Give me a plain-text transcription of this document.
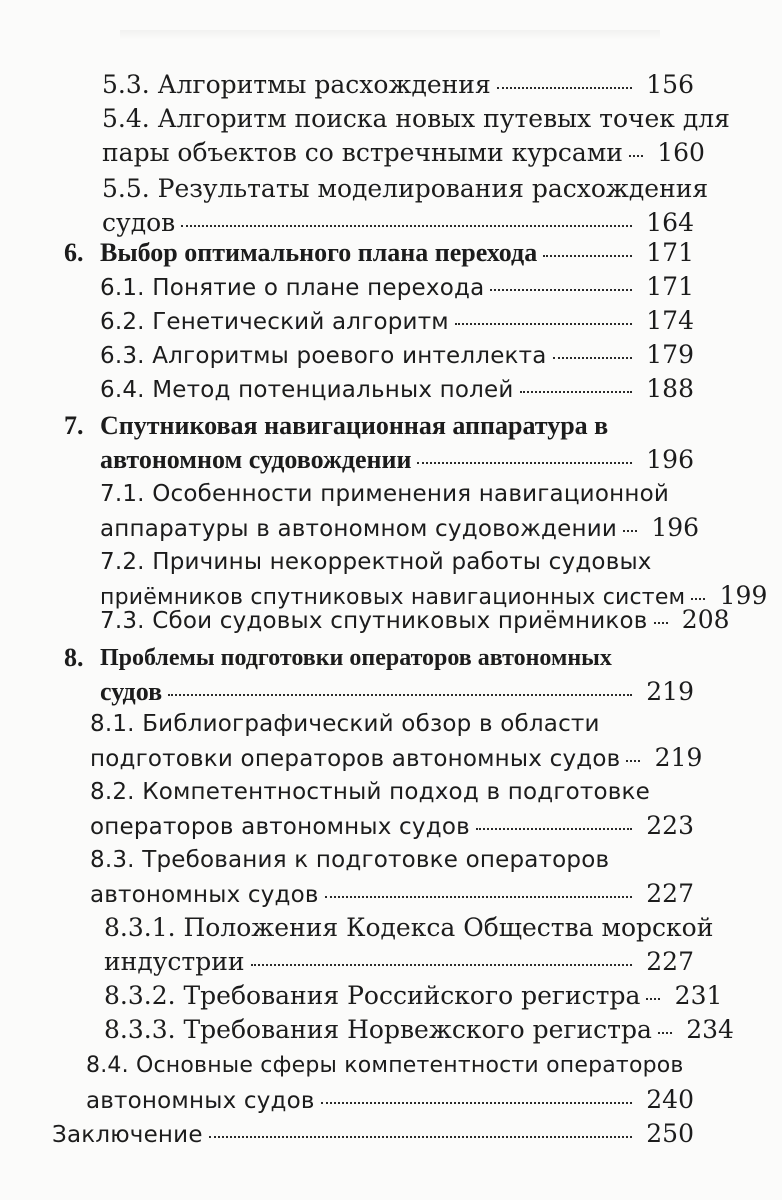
5.3. Алгоритмы расхождения	156
5.4. Алгоритм поиска новых путевых точек для
пары объектов со встречными курсами 160
5.5. Результаты моделирования расхождения
судов	164
6. Выбор оптимального плана перехода	171
6.1. Понятие о плане перехода	171
6.2. Генетический алгоритм	174
6.3. Алгоритмы роевого интеллекта	179
6.4. Метод потенциальных полей	188
7. Спутниковая навигационная аппаратура в
автономном судовождении	196
7.1. Особенности применения навигационной
аппаратуры в автономном судовождении 196
7.2. Причины некорректной работы судовых
приёмников спутниковых навигационных систем 199
7.3. Сбои судовых спутниковых приёмников 208
8. Проблемы подготовки операторов автономных
судов	219
8.1. Библиографический обзор в области
подготовки операторов автономных судов 219
8.2. Компетентностный подход в подготовке
операторов автономных судов	223
8.3. Требования к подготовке операторов
автономных судов	227
8.3.1. Положения Кодекса Общества морской
индустрии	227
8.3.2. Требования Российского регистра 231
8.3.3. Требования Норвежского регистра 234
8.4. Основные сферы компетентности операторов
автономных судов	240
Заключение	250
